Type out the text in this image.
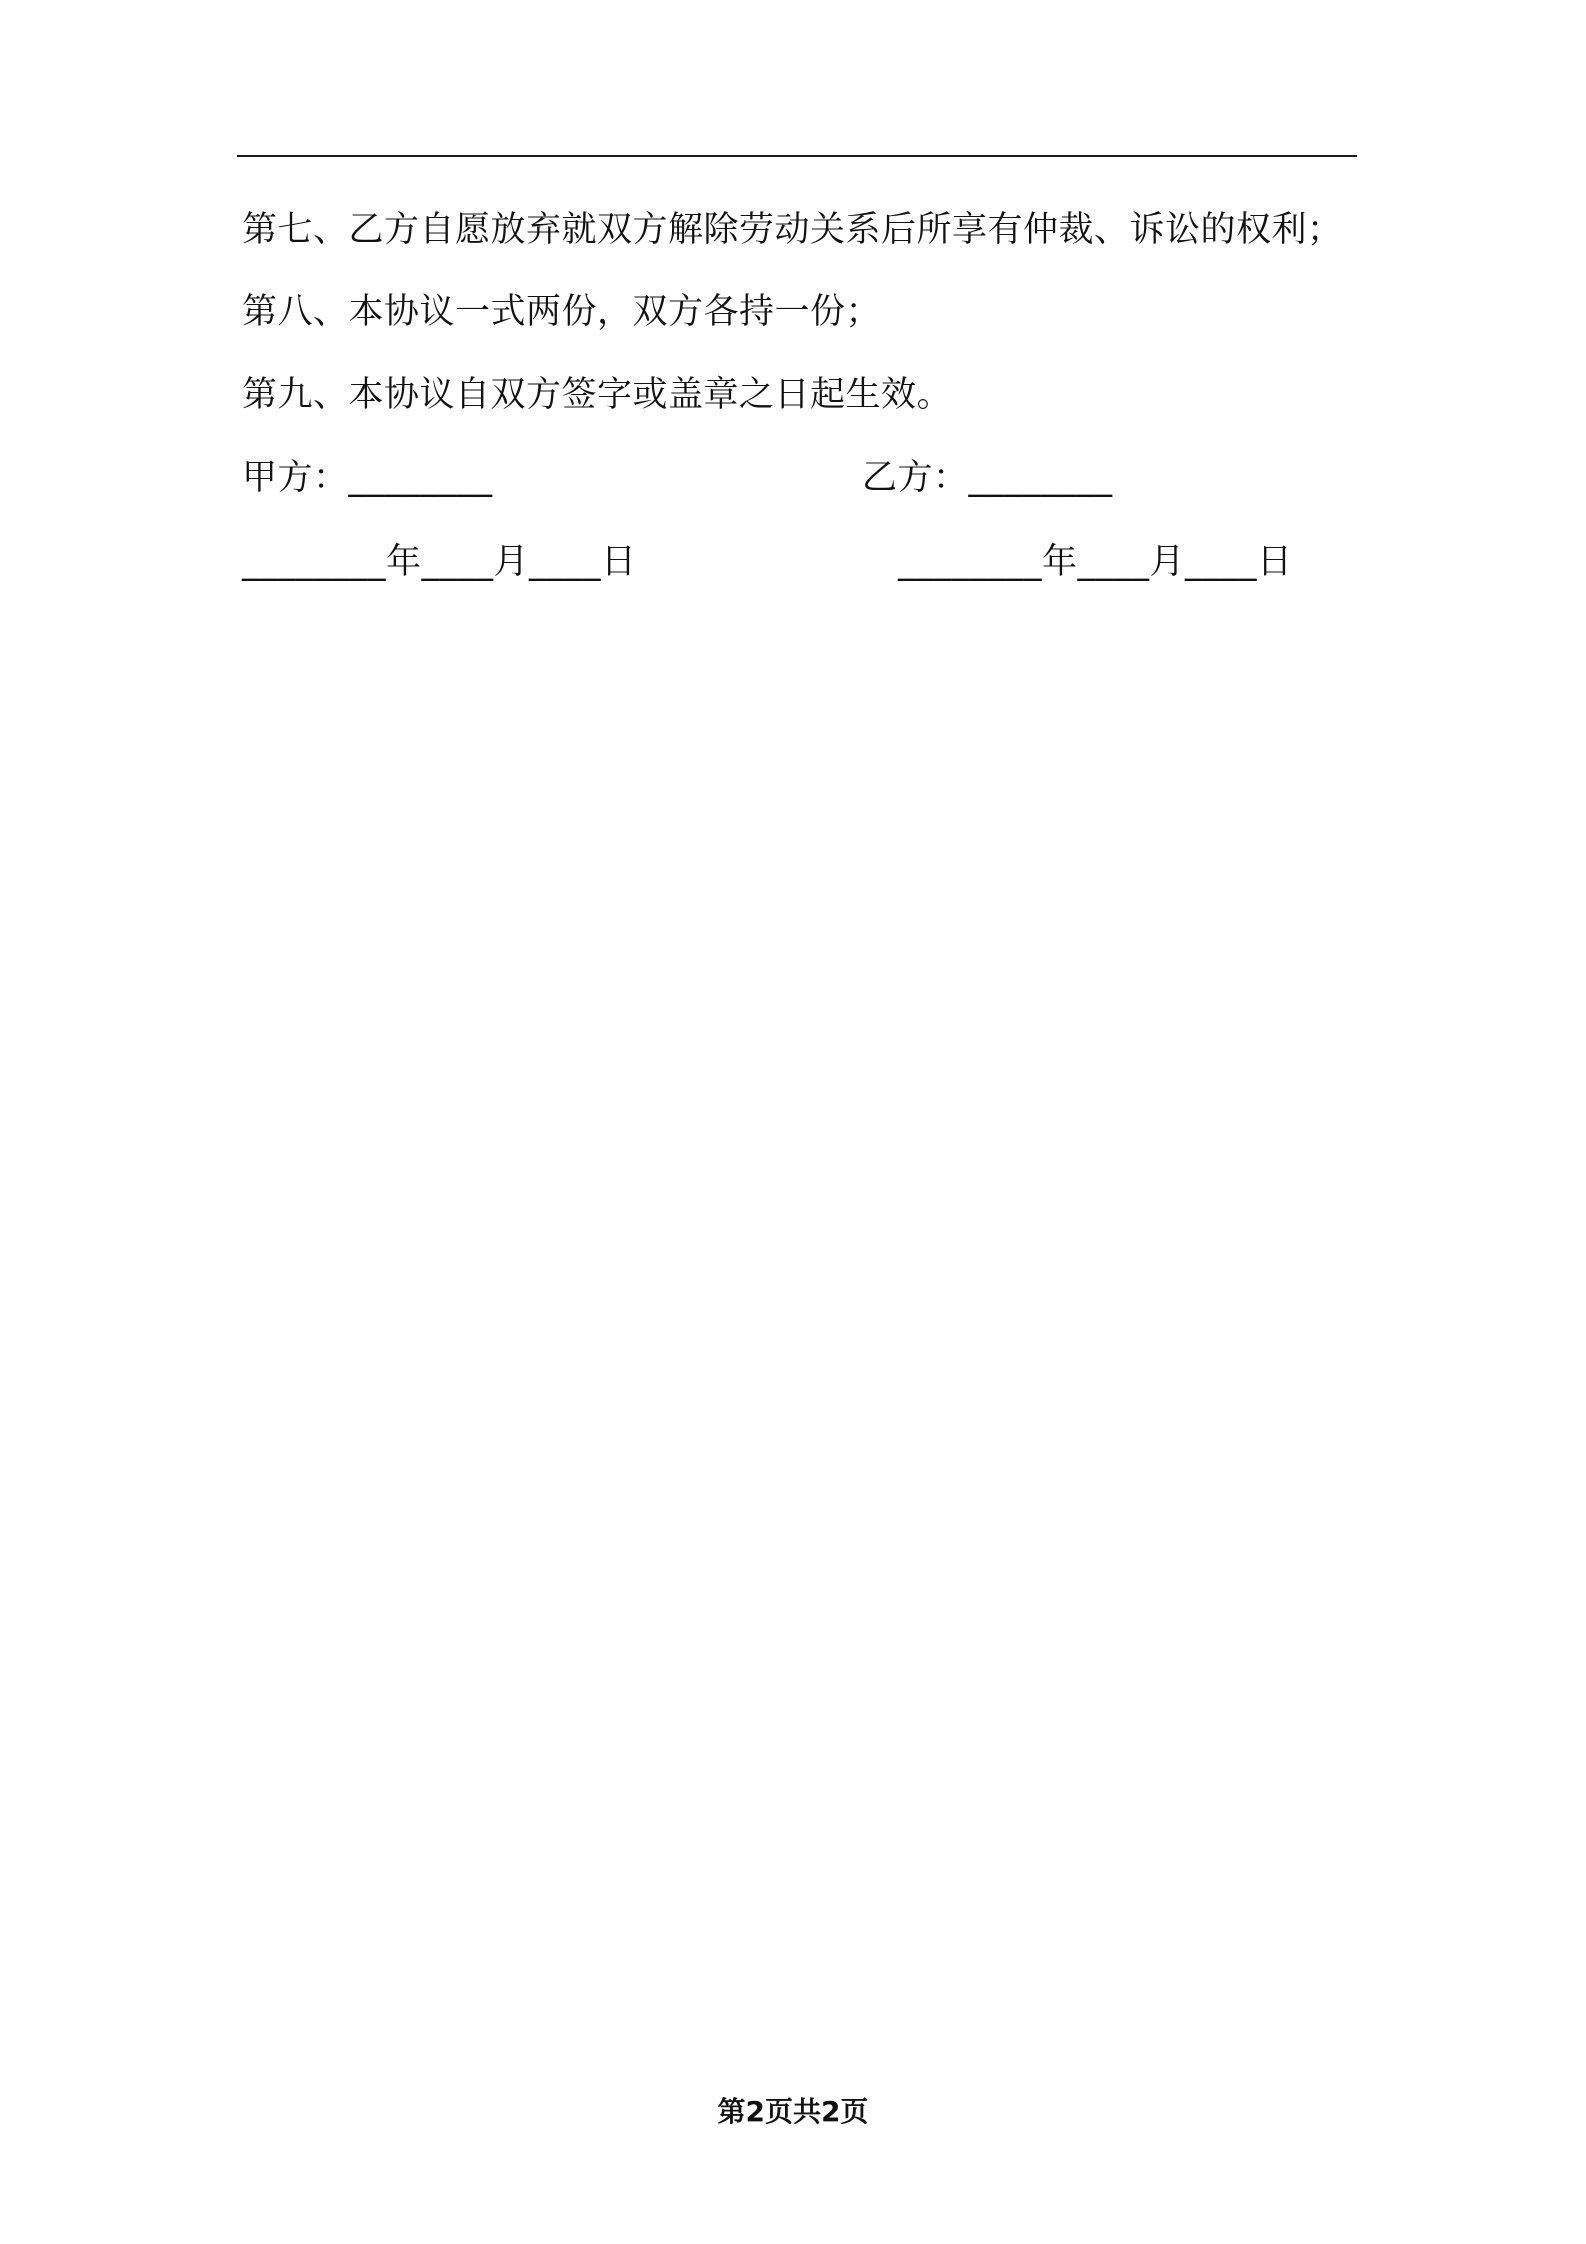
第七、乙方自愿放弃就双方解除劳动关系后所享有仲裁、诉讼的权利；
第八、本协议一式两份，双方各持一份；
第九、本协议自双方签字或盖章之日起生效。
甲方：________	乙方：________
________年____月____日	________年____月____日
第2页共2页
